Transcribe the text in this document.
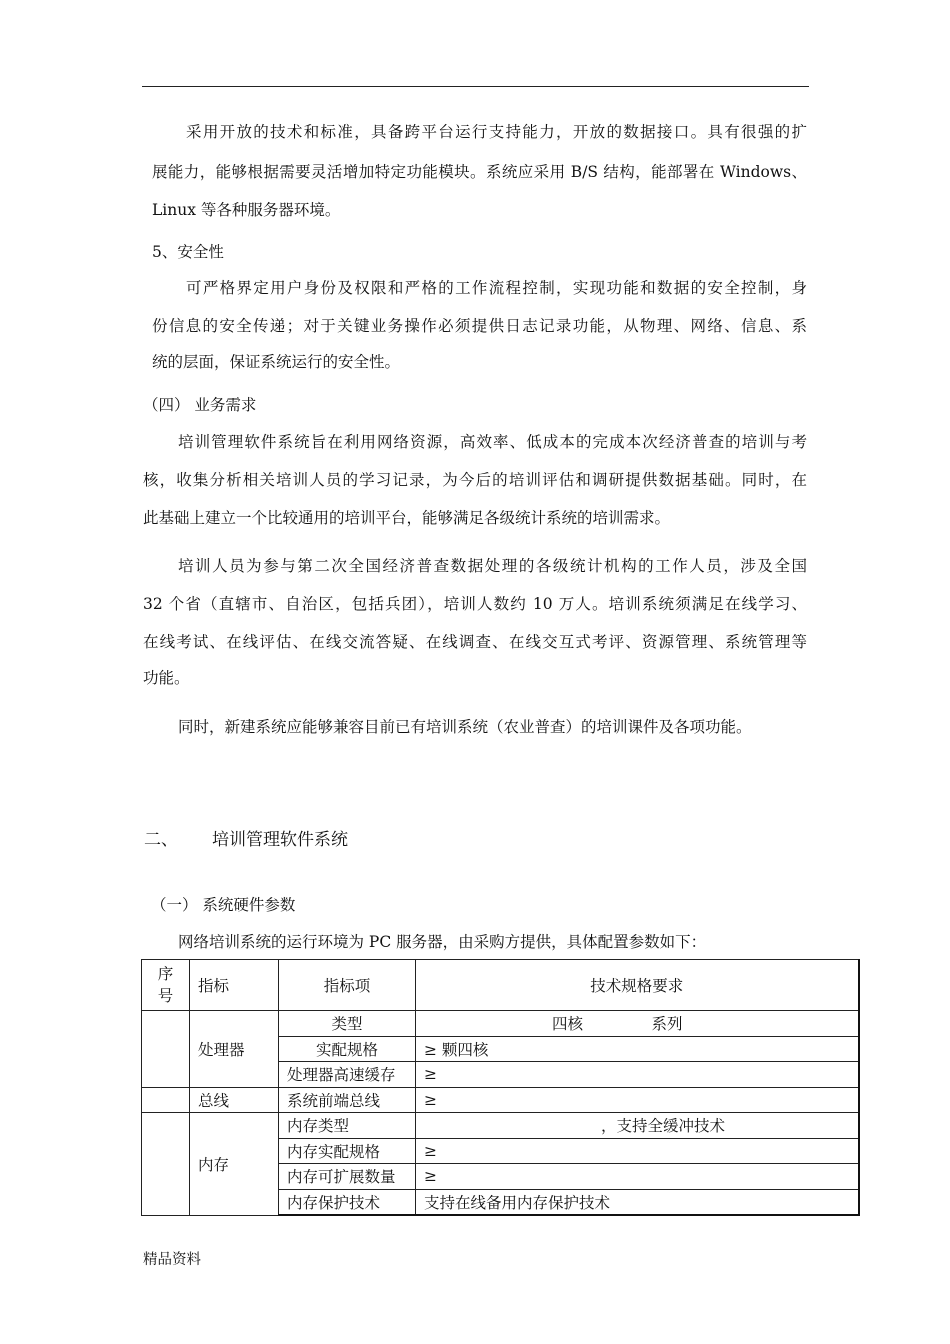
采用开放的技术和标准，具备跨平台运行支持能力，开放的数据接口。具有很强的扩
展能力，能够根据需要灵活增加特定功能模块。系统应采用 B/S 结构，能部署在 Windows、
Linux 等各种服务器环境。
5、安全性
可严格界定用户身份及权限和严格的工作流程控制，实现功能和数据的安全控制，身
份信息的安全传递；对于关键业务操作必须提供日志记录功能，从物理、网络、信息、系
统的层面，保证系统运行的安全性。
（四） 业务需求
培训管理软件系统旨在利用网络资源，高效率、低成本的完成本次经济普查的培训与考
核，收集分析相关培训人员的学习记录，为今后的培训评估和调研提供数据基础。同时，在
此基础上建立一个比较通用的培训平台，能够满足各级统计系统的培训需求。
培训人员为参与第二次全国经济普查数据处理的各级统计机构的工作人员，涉及全国
32 个省（直辖市、自治区，包括兵团），培训人数约 10 万人。培训系统须满足在线学习、
在线考试、在线评估、在线交流答疑、在线调查、在线交互式考评、资源管理、系统管理等
功能。
同时，新建系统应能够兼容目前已有培训系统（农业普查）的培训课件及各项功能。
二、 培训管理软件系统
（一） 系统硬件参数
网络培训系统的运行环境为 PC 服务器，由采购方提供，具体配置参数如下：
序
号	指标	指标项	技术规格要求
	处理器	类型	四核 系列

		实配规格	≥ 颗四核
		处理器高速缓存	≥
	总线	系统前端总线	≥
	内存	内存类型	，支持全缓冲技术
		内存实配规格	≥
		内存可扩展数量	≥
		内存保护技术	支持在线备用内存保护技术
精品资料
